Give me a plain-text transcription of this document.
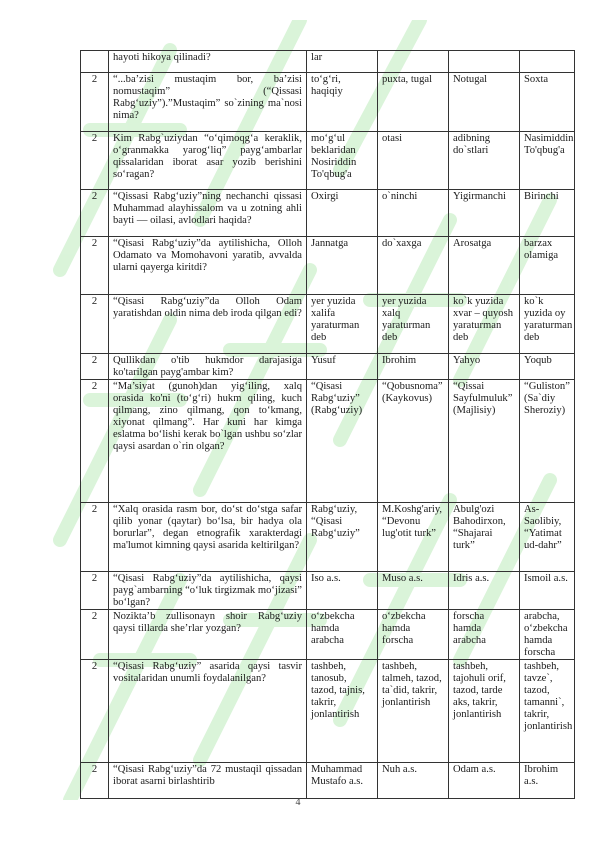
	hayoti hikoya qilinadi?	lar			
2	“...ba’zisi mustaqim bor, ba’zisi nomustaqim” (“Qissasi Rabg‘uziy”).”Mustaqim” so`zining ma`nosi nima?	to‘g‘ri, haqiqiy	puxta, tugal	Notugal	Soxta
2	Kim Rabg`uziydan “o‘qimoqg‘a keraklik, o‘granmakka yarog‘liq” payg‘ambarlar qissalaridan iborat asar yozib berishini so‘ragan?	mo‘g‘ul beklaridan Nosiriddin To'qbug'a	otasi	adibning do`stlari	Nasimiddin To'qbug'a
2	“Qissasi Rabg‘uziy”ning nechanchi qissasi Muhammad alayhissalom va u zotning ahli bayti — oilasi, avlodlari haqida?	Oxirgi	o`ninchi	Yigirmanchi	Birinchi
2	“Qisasi Rabg‘uziy”da aytilishicha, Olloh Odamato va Momohavoni yaratib, avvalda ularni qayerga kiritdi?	Jannatga	do`xaxga	Arosatga	barzax olamiga
2	“Qisasi Rabg‘uziy”da Olloh Odam yaratishdan oldin nima deb iroda qilgan edi?	yer yuzida xalifa yaraturman deb	yer yuzida xalq yaraturman deb	ko`k yuzida xvar – quyosh yaraturman deb	ko`k yuzida oy yaraturman deb
2	Qullikdan o'tib hukmdor darajasiga ko'tarilgan payg'ambar kim?	Yusuf	Ibrohim	Yahyo	Yoqub
2	“Ma’siyat (gunoh)dan yig‘iling, xalq orasida ko'ni (to‘g‘ri) hukm qiling, kuch qilmang, zino qilmang, qon to‘kmang, xiyonat qilmang”. Har kuni har kimga eslatma bo‘lishi kerak bo`lgan ushbu so‘zlar qaysi asardan o`rin olgan?	“Qisasi Rabg‘uziy” (Rabg‘uziy)	“Qobusnoma” (Kaykovus)	“Qissai Sayfulmuluk” (Majlisiy)	“Guliston” (Sa`diy Sheroziy)
2	“Xalq orasida rasm bor, do‘st do‘stga safar qilib yonar (qaytar) bo‘lsa, bir hadya ola borurlar”, degan etnografik xarakterdagi ma'lumot kimning qaysi asarida keltirilgan?	Rabg‘uziy, “Qisasi Rabg‘uziy”	M.Koshg'ariy, “Devonu lug'otit turk”	Abulg'ozi Bahodirxon, “Shajarai turk”	As-Saolibiy, “Yatimat ud-dahr”
2	“Qisasi Rabg‘uziy”da aytilishicha, qaysi payg`ambarning “o‘luk tirgizmak mo‘jizasi” bo‘lgan?	Iso a.s.	Muso a.s.	Idris a.s.	Ismoil a.s.
2	Nozikta’b zullisonayn shoir Rabg‘uziy qaysi tillarda she’rlar yozgan?	o‘zbekcha hamda arabcha	o‘zbekcha hamda forscha	forscha hamda arabcha	arabcha, o‘zbekcha hamda forscha
2	“Qisasi Rabg‘uziy” asarida qaysi tasvir vositalaridan unumli foydalanilgan?	tashbeh, tanosub, tazod, tajnis, takrir, jonlantirish	tashbeh, talmeh, tazod, ta`did, takrir, jonlantirish	tashbeh, tajohuli orif, tazod, tarde aks, takrir, jonlantirish	tashbeh, tavze`, tazod, tamanni`, takrir, jonlantirish
2	“Qisasi Rabg‘uziy”da 72 mustaqil qissadan iborat asarni birlashtirib	Muhammad Mustafo a.s.	Nuh a.s.	Odam a.s.	Ibrohim a.s.
4
